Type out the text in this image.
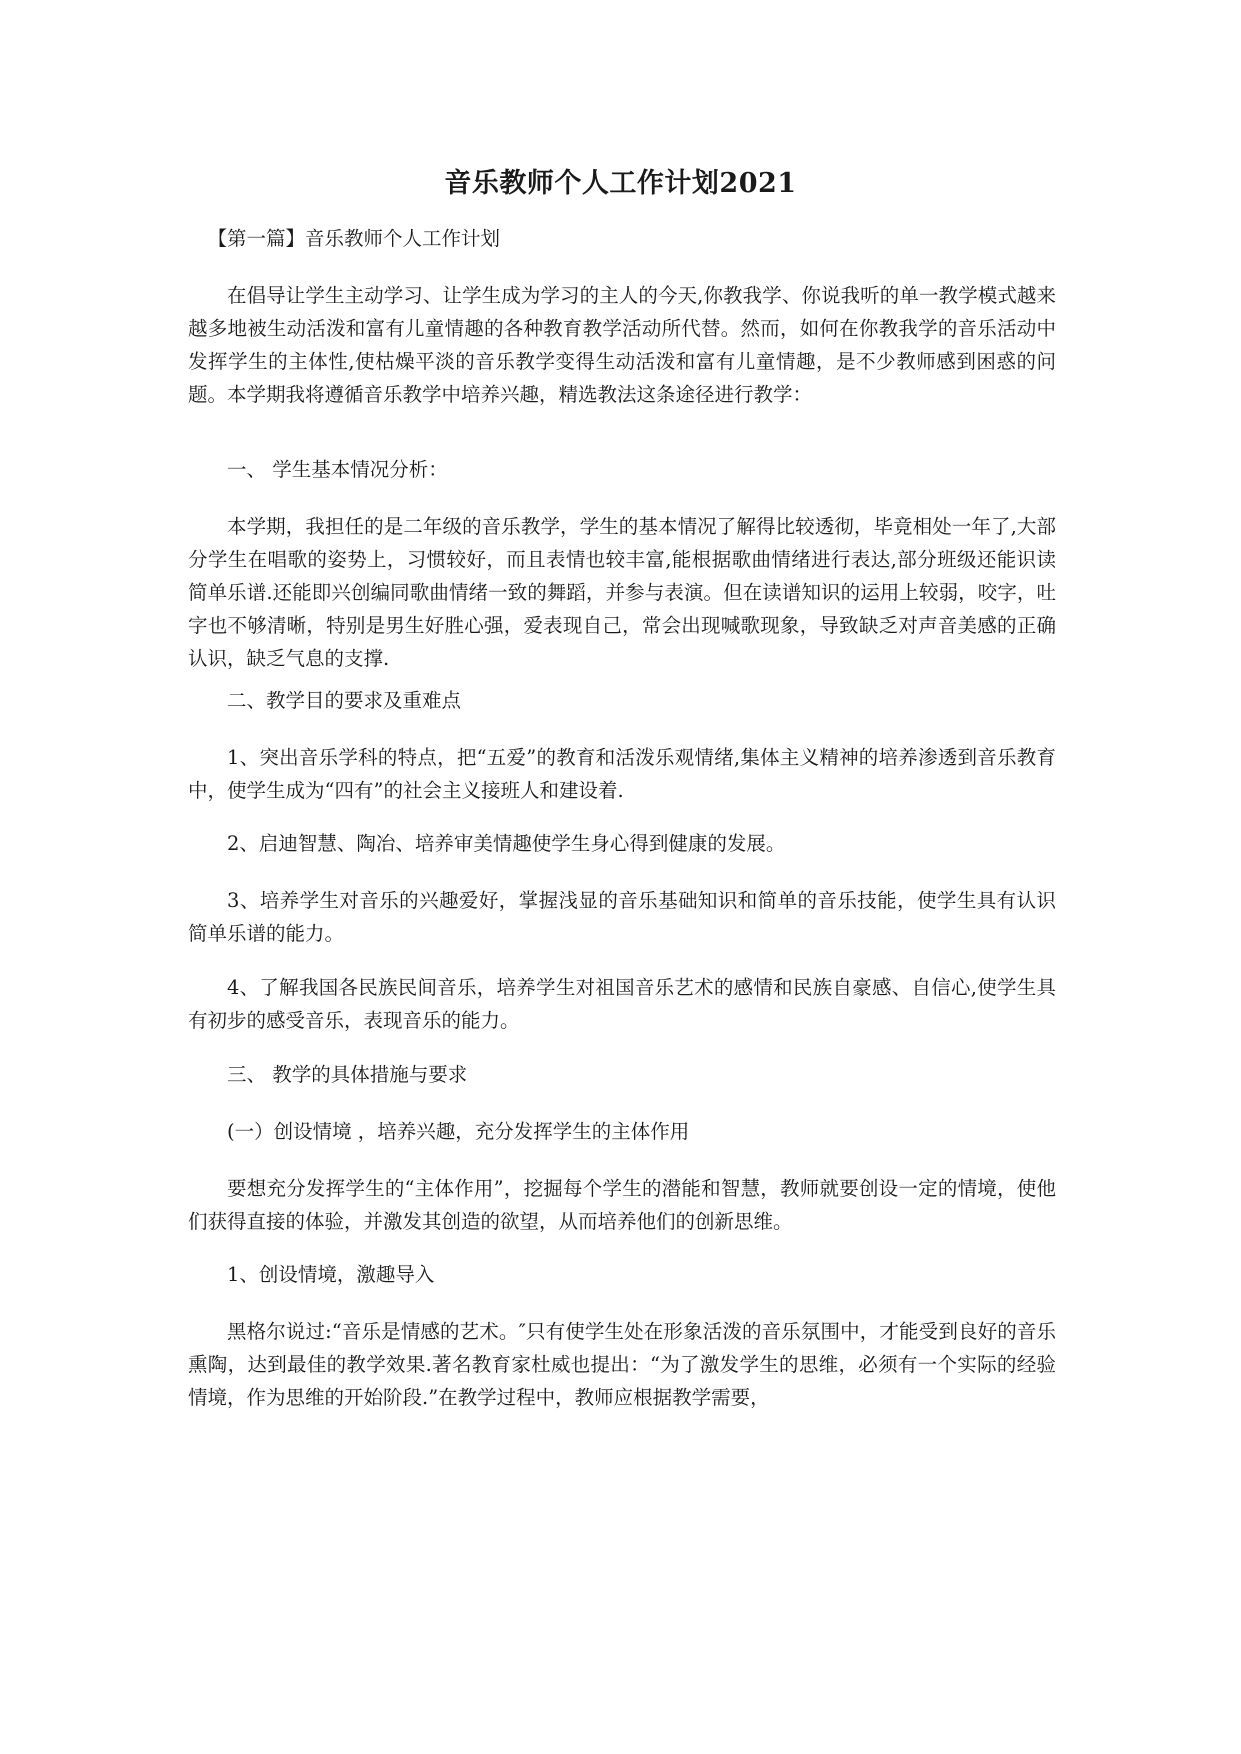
音乐教师个人工作计划2021

【第一篇】音乐教师个人工作计划

在倡导让学生主动学习、让学生成为学习的主人的今天,你教我学、你说我听的单一教学模式越来越多地被生动活泼和富有儿童情趣的各种教育教学活动所代替。然而，如何在你教我学的音乐活动中发挥学生的主体性,使枯燥平淡的音乐教学变得生动活泼和富有儿童情趣，是不少教师感到困惑的问题。本学期我将遵循音乐教学中培养兴趣，精选教法这条途径进行教学：

一、 学生基本情况分析：

本学期，我担任的是二年级的音乐教学，学生的基本情况了解得比较透彻，毕竟相处一年了,大部分学生在唱歌的姿势上，习惯较好，而且表情也较丰富,能根据歌曲情绪进行表达,部分班级还能识读简单乐谱.还能即兴创编同歌曲情绪一致的舞蹈，并参与表演。但在读谱知识的运用上较弱，咬字，吐字也不够清晰，特别是男生好胜心强，爱表现自己，常会出现喊歌现象，导致缺乏对声音美感的正确认识，缺乏气息的支撑.

二、教学目的要求及重难点

1、突出音乐学科的特点，把“五爱”的教育和活泼乐观情绪,集体主义精神的培养渗透到音乐教育中，使学生成为“四有”的社会主义接班人和建设着.

2、启迪智慧、陶冶、培养审美情趣使学生身心得到健康的发展。

3、培养学生对音乐的兴趣爱好，掌握浅显的音乐基础知识和简单的音乐技能，使学生具有认识简单乐谱的能力。

4、了解我国各民族民间音乐，培养学生对祖国音乐艺术的感情和民族自豪感、自信心,使学生具有初步的感受音乐，表现音乐的能力。

三、 教学的具体措施与要求

(一）创设情境 ，培养兴趣，充分发挥学生的主体作用

要想充分发挥学生的“主体作用”，挖掘每个学生的潜能和智慧，教师就要创设一定的情境，使他们获得直接的体验，并激发其创造的欲望，从而培养他们的创新思维。

1、创设情境，激趣导入

黑格尔说过:“音乐是情感的艺术。″只有使学生处在形象活泼的音乐氛围中，才能受到良好的音乐熏陶，达到最佳的教学效果.著名教育家杜威也提出：“为了激发学生的思维，必须有一个实际的经验情境，作为思维的开始阶段.”在教学过程中，教师应根据教学需要，
